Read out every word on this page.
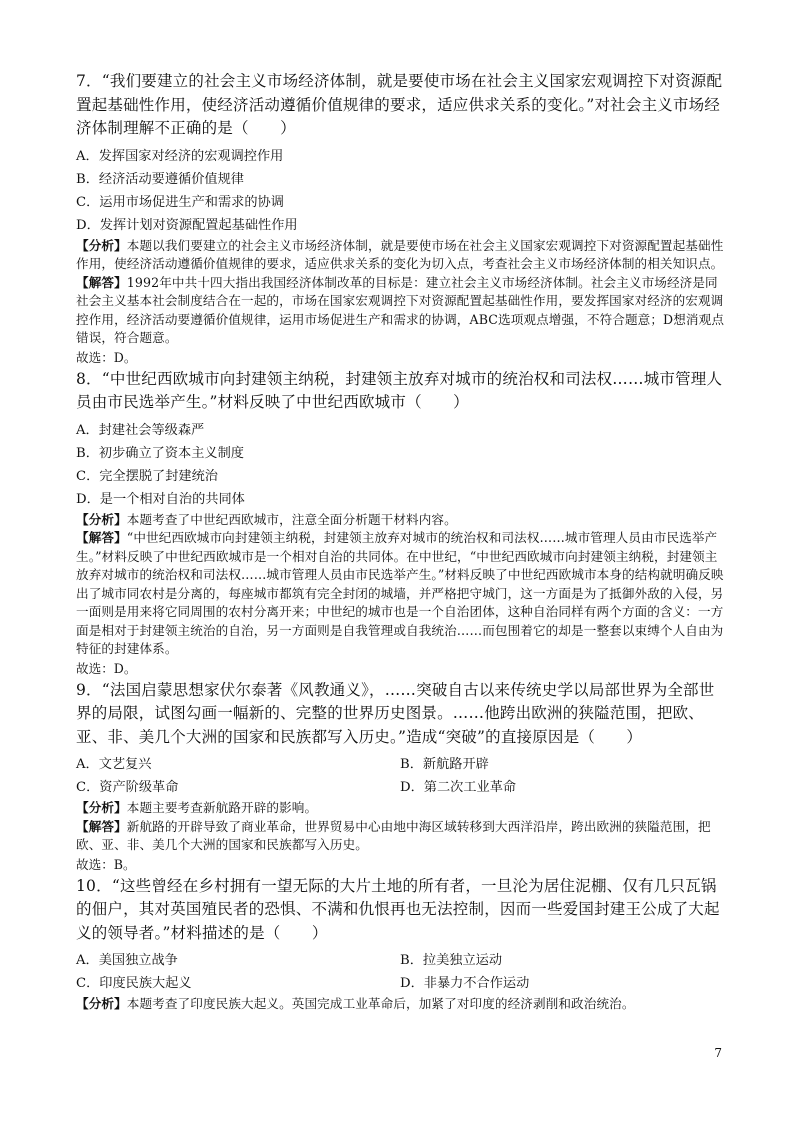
7．“我们要建立的社会主义市场经济体制，就是要使市场在社会主义国家宏观调控下对资源配置起基础性作用，使经济活动遵循价值规律的要求，适应供求关系的变化。”对社会主义市场经济体制理解不正确的是（　　）

A．发挥国家对经济的宏观调控作用

B．经济活动要遵循价值规律

C．运用市场促进生产和需求的协调

D．发挥计划对资源配置起基础性作用

【分析】本题以我们要建立的社会主义市场经济体制，就是要使市场在社会主义国家宏观调控下对资源配置起基础性作用，使经济活动遵循价值规律的要求，适应供求关系的变化为切入点，考查社会主义市场经济体制的相关知识点。

【解答】1992年中共十四大指出我国经济体制改革的目标是：建立社会主义市场经济体制。社会主义市场经济是同社会主义基本社会制度结合在一起的，市场在国家宏观调控下对资源配置起基础性作用，要发挥国家对经济的宏观调控作用，经济活动要遵循价值规律，运用市场促进生产和需求的协调，ABC选项观点增强，不符合题意；D想消观点错误，符合题意。

故选：D。

8．“中世纪西欧城市向封建领主纳税，封建领主放弃对城市的统治权和司法权……城市管理人员由市民选举产生。”材料反映了中世纪西欧城市（　　）

A．封建社会等级森严

B．初步确立了资本主义制度

C．完全摆脱了封建统治

D．是一个相对自治的共同体

【分析】本题考查了中世纪西欧城市，注意全面分析题干材料内容。

【解答】“中世纪西欧城市向封建领主纳税，封建领主放弃对城市的统治权和司法权……城市管理人员由市民选举产生。”材料反映了中世纪西欧城市是一个相对自治的共同体。在中世纪，“中世纪西欧城市向封建领主纳税，封建领主放弃对城市的统治权和司法权……城市管理人员由市民选举产生。”材料反映了中世纪西欧城市本身的结构就明确反映出了城市同农村是分离的，每座城市都筑有完全封闭的城墙，并严格把守城门，这一方面是为了抵御外敌的入侵，另一面则是用来将它同周围的农村分离开来；中世纪的城市也是一个自治团体，这种自治同样有两个方面的含义：一方面是相对于封建领主统治的自治，另一方面则是自我管理或自我统治……而包围着它的却是一整套以束缚个人自由为特征的封建体系。

故选：D。

9．“法国启蒙思想家伏尔泰著《风教通义》，……突破自古以来传统史学以局部世界为全部世界的局限，试图勾画一幅新的、完整的世界历史图景。……他跨出欧洲的狭隘范围，把欧、亚、非、美几个大洲的国家和民族都写入历史。”造成“突破”的直接原因是（　　）

A．文艺复兴	B．新航路开辟

C．资产阶级革命	D．第二次工业革命

【分析】本题主要考查新航路开辟的影响。

【解答】新航路的开辟导致了商业革命，世界贸易中心由地中海区域转移到大西洋沿岸，跨出欧洲的狭隘范围，把欧、亚、非、美几个大洲的国家和民族都写入历史。

故选：B。

10．“这些曾经在乡村拥有一望无际的大片土地的所有者，一旦沦为居住泥棚、仅有几只瓦锅的佃户，其对英国殖民者的恐惧、不满和仇恨再也无法控制，因而一些爱国封建王公成了大起义的领导者。”材料描述的是（　　）

A．美国独立战争	B．拉美独立运动

C．印度民族大起义	D．非暴力不合作运动

【分析】本题考查了印度民族大起义。英国完成工业革命后，加紧了对印度的经济剥削和政治统治。

7
